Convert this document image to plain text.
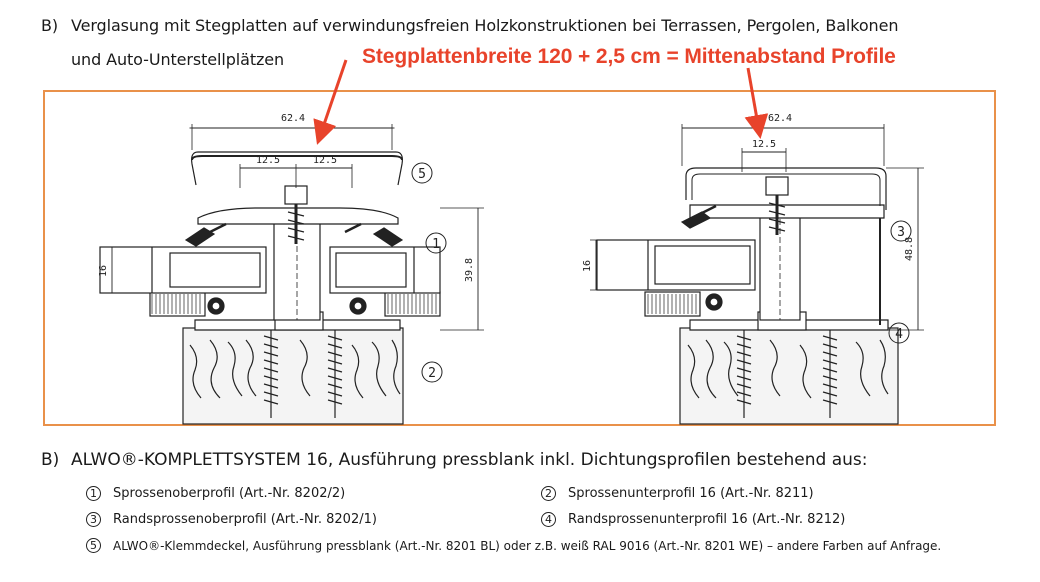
B) Verglasung mit Stegplatten auf verwindungsfreien Holzkonstruktionen bei Terrassen, Pergolen, Balkonen
und Auto-Unterstellplätzen	Stegplattenbreite 120 + 2,5 cm = Mittenabstand Profile
62.4
12.5	12.5
16	39.8
5
1
2
62.4
12.5
16
48.8
3
4
B) ALWO®-KOMPLETTSYSTEM 16, Ausführung pressblank inkl. Dichtungsprofilen bestehend aus:
1	Sprossenoberprofil (Art.-Nr. 8202/2)	2	Sprossenunterprofil 16 (Art.-Nr. 8211)
3	Randsprossenoberprofil (Art.-Nr. 8202/1)	4	Randsprossenunterprofil 16 (Art.-Nr. 8212)
5	ALWO®-Klemmdeckel, Ausführung pressblank (Art.-Nr. 8201 BL) oder z.B. weiß RAL 9016 (Art.-Nr. 8201 WE) – andere Farben auf Anfrage.
